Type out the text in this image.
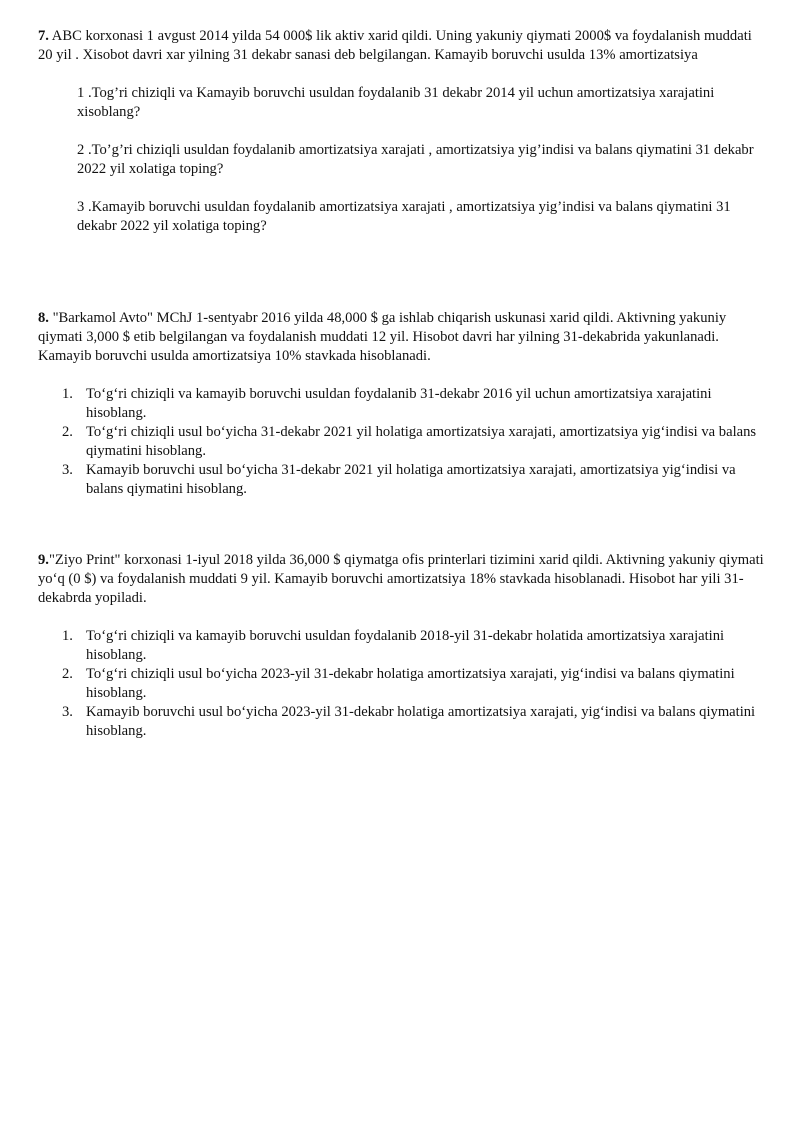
7. ABC korxonasi 1 avgust 2014 yilda 54 000$ lik aktiv xarid qildi. Uning yakuniy qiymati 2000$ va foydalanish muddati 20 yil . Xisobot davri xar yilning 31 dekabr sanasi deb belgilangan. Kamayib boruvchi usulda 13% amortizatsiya

1 .Tog’ri chiziqli va Kamayib boruvchi usuldan foydalanib 31 dekabr 2014 yil uchun amortizatsiya xarajatini xisoblang?

2 .To’g’ri chiziqli usuldan foydalanib amortizatsiya xarajati , amortizatsiya yig’indisi va balans qiymatini 31 dekabr 2022 yil xolatiga toping?

3 .Kamayib boruvchi usuldan foydalanib amortizatsiya xarajati , amortizatsiya yig’indisi va balans qiymatini 31 dekabr 2022 yil xolatiga toping?

8. "Barkamol Avto" MChJ 1-sentyabr 2016 yilda 48,000 $ ga ishlab chiqarish uskunasi xarid qildi. Aktivning yakuniy qiymati 3,000 $ etib belgilangan va foydalanish muddati 12 yil. Hisobot davri har yilning 31-dekabrida yakunlanadi. Kamayib boruvchi usulda amortizatsiya 10% stavkada hisoblanadi.

1. To‘g‘ri chiziqli va kamayib boruvchi usuldan foydalanib 31-dekabr 2016 yil uchun amortizatsiya xarajatini hisoblang.
2. To‘g‘ri chiziqli usul bo‘yicha 31-dekabr 2021 yil holatiga amortizatsiya xarajati, amortizatsiya yig‘indisi va balans qiymatini hisoblang.
3. Kamayib boruvchi usul bo‘yicha 31-dekabr 2021 yil holatiga amortizatsiya xarajati, amortizatsiya yig‘indisi va balans qiymatini hisoblang.

9."Ziyo Print" korxonasi 1-iyul 2018 yilda 36,000 $ qiymatga ofis printerlari tizimini xarid qildi. Aktivning yakuniy qiymati yo‘q (0 $) va foydalanish muddati 9 yil. Kamayib boruvchi amortizatsiya 18% stavkada hisoblanadi. Hisobot har yili 31-dekabrda yopiladi.

1. To‘g‘ri chiziqli va kamayib boruvchi usuldan foydalanib 2018-yil 31-dekabr holatida amortizatsiya xarajatini hisoblang.
2. To‘g‘ri chiziqli usul bo‘yicha 2023-yil 31-dekabr holatiga amortizatsiya xarajati, yig‘indisi va balans qiymatini hisoblang.
3. Kamayib boruvchi usul bo‘yicha 2023-yil 31-dekabr holatiga amortizatsiya xarajati, yig‘indisi va balans qiymatini hisoblang.
